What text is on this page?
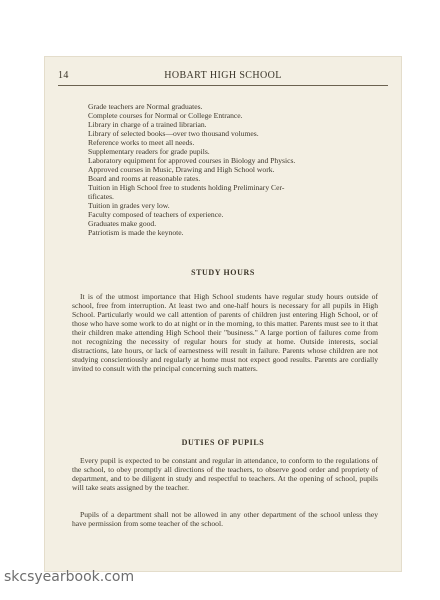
14	HOBART HIGH SCHOOL
Grade teachers are Normal graduates.
Complete courses for Normal or College Entrance.
Library in charge of a trained librarian.
Library of selected books—over two thousand volumes.
Reference works to meet all needs.
Supplementary readers for grade pupils.
Laboratory equipment for approved courses in Biology and Physics.
Approved courses in Music, Drawing and High School work.
Board and rooms at reasonable rates.
Tuition in High School free to students holding Preliminary Cer-
tificates.
Tuition in grades very low.
Faculty composed of teachers of experience.
Graduates make good.
Patriotism is made the keynote.
STUDY HOURS

It is of the utmost importance that High School students have regular study hours outside of school, free from interruption. At least two and one-half hours is necessary for all pupils in High School. Particularly would we call attention of parents of children just entering High School, or of those who have some work to do at night or in the morning, to this matter. Parents must see to it that their children make attending High School their "business." A large portion of failures come from not recognizing the necessity of regular hours for study at home. Outside interests, social distractions, late hours, or lack of earnestness will result in failure. Parents whose children are not studying conscientiously and regularly at home must not expect good results. Parents are cordially invited to consult with the principal concerning such matters.

DUTIES OF PUPILS

Every pupil is expected to be constant and regular in attendance, to conform to the regulations of the school, to obey promptly all directions of the teachers, to observe good order and propriety of department, and to be diligent in study and respectful to teachers. At the opening of school, pupils will take seats assigned by the teacher.

Pupils of a department shall not be allowed in any other department of the school unless they have permission from some teacher of the school.

skcsyearbook.com
